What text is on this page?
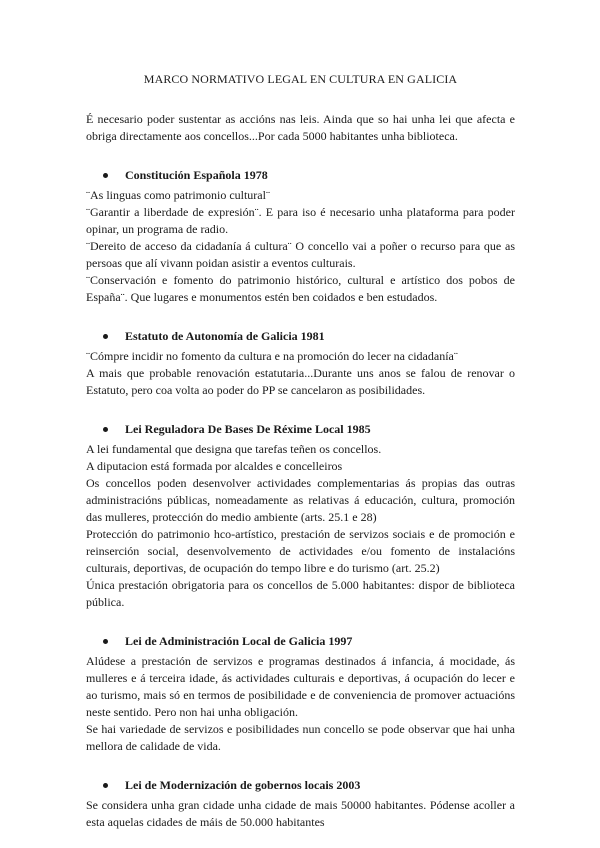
MARCO NORMATIVO LEGAL EN CULTURA EN GALICIA

É necesario poder sustentar as accións nas leis. Ainda que so hai unha lei que afecta e obriga directamente aos concellos...Por cada 5000 habitantes unha biblioteca.

Constitución Española 1978

¨As linguas como patrimonio cultural¨

¨Garantir a liberdade de expresión¨. E para iso é necesario unha plataforma para poder opinar, un programa de radio.

¨Dereito de acceso da cidadanía á cultura¨ O concello vai a poñer o recurso para que as persoas que alí vivann poidan asistir a eventos culturais.

¨Conservación e fomento do patrimonio histórico, cultural e artístico dos pobos de España¨. Que lugares e monumentos estén ben coidados e ben estudados.

Estatuto de Autonomía de Galicia 1981

¨Cómpre incidir no fomento da cultura e na promoción do lecer na cidadanía¨

A mais que probable renovación estatutaria...Durante uns anos se falou de renovar o Estatuto, pero coa volta ao poder do PP se cancelaron as posibilidades.

Lei Reguladora De Bases De Réxime Local 1985

A lei fundamental que designa que tarefas teñen os concellos.

A diputacion está formada por alcaldes e concelleiros

Os concellos poden desenvolver actividades complementarias ás propias das outras administracións públicas, nomeadamente as relativas á educación, cultura, promoción das mulleres, protección do medio ambiente (arts. 25.1 e 28)

Protección do patrimonio hco-artístico, prestación de servizos sociais e de promoción e reinserción social, desenvolvemento de actividades e/ou fomento de instalacións culturais, deportivas, de ocupación do tempo libre e do turismo (art. 25.2)

Única prestación obrigatoria para os concellos de 5.000 habitantes: dispor de biblioteca pública.

Lei de Administración Local de Galicia 1997

Alúdese a prestación de servizos e programas destinados á infancia, á mocidade, ás mulleres e á terceira idade, ás actividades culturais e deportivas, á ocupación do lecer e ao turismo, mais só en termos de posibilidade e de conveniencia de promover actuacións neste sentido. Pero non hai unha obligación.

Se hai variedade de servizos e posibilidades nun concello se pode observar que hai unha mellora de calidade de vida.

Lei de Modernización de gobernos locais 2003

Se considera unha gran cidade unha cidade de mais 50000 habitantes. Pódense acoller a esta aquelas cidades de máis de 50.000 habitantes
